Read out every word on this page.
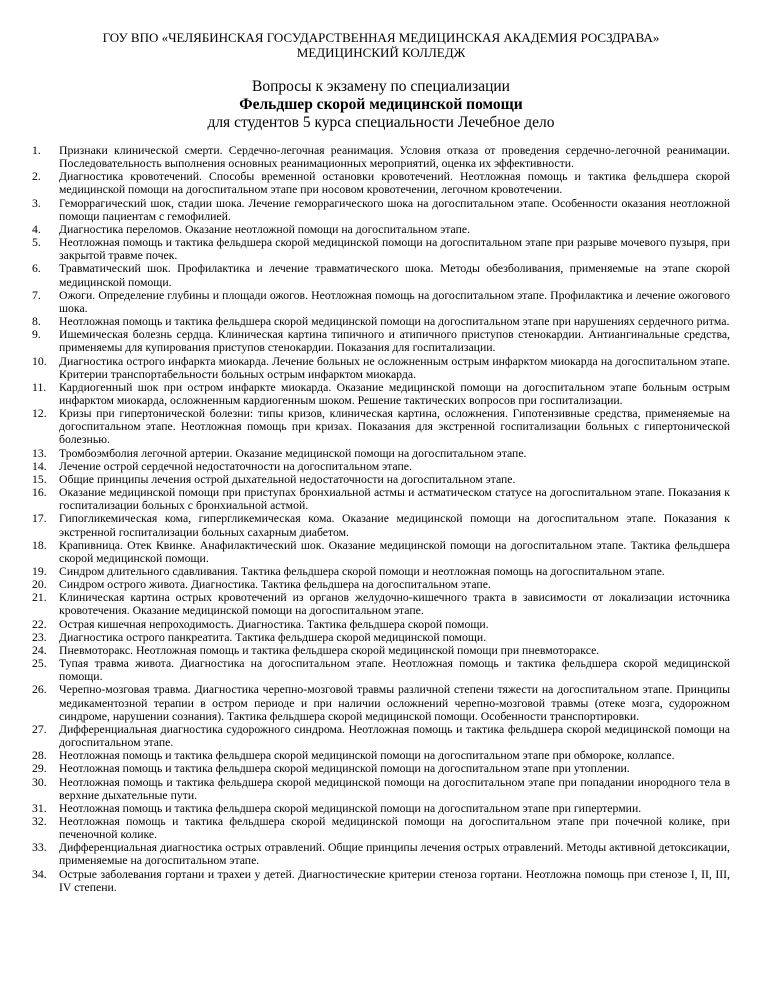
ГОУ ВПО «ЧЕЛЯБИНСКАЯ ГОСУДАРСТВЕННАЯ МЕДИЦИНСКАЯ АКАДЕМИЯ РОСЗДРАВА»
МЕДИЦИНСКИЙ КОЛЛЕДЖ
Вопросы к экзамену по специализации
Фельдшер скорой медицинской помощи
для студентов 5 курса специальности Лечебное дело
1.	Признаки клинической смерти. Сердечно-легочная реанимация. Условия отказа от проведения сердечно-легочной реанимации. Последовательность выполнения основных реанимационных мероприятий, оценка их эффективности.
2.	Диагностика кровотечений. Способы временной остановки кровотечений. Неотложная помощь и тактика фельдшера скорой медицинской помощи на догоспитальном этапе при носовом кровотечении, легочном кровотечении.
3.	Геморрагический шок, стадии шока. Лечение геморрагического шока на догоспитальном этапе. Особенности оказания неотложной помощи пациентам с гемофилией.
4.	Диагностика переломов. Оказание неотложной помощи на догоспитальном этапе.
5.	Неотложная помощь и тактика фельдшера скорой медицинской помощи на догоспитальном этапе при разрыве мочевого пузыря, при закрытой травме почек.
6.	Травматический шок. Профилактика и лечение травматического шока. Методы обезболивания, применяемые на этапе скорой медицинской помощи.
7.	Ожоги. Определение глубины и площади ожогов. Неотложная помощь на догоспитальном этапе. Профилактика и лечение ожогового шока.
8.	Неотложная помощь и тактика фельдшера скорой медицинской помощи на догоспитальном этапе при нарушениях сердечного ритма.
9.	Ишемическая болезнь сердца. Клиническая картина типичного и атипичного приступов стенокардии. Антиангинальные средства, применяемы для купирования приступов стенокардии. Показания для госпитализации.
10.	Диагностика острого инфаркта миокарда. Лечение больных не осложненным острым инфарктом миокарда на догоспитальном этапе. Критерии транспортабельности больных острым инфарктом миокарда.
11.	Кардиогенный шок при остром инфаркте миокарда. Оказание медицинской помощи на догоспитальном этапе больным острым инфарктом миокарда, осложненным кардиогенным шоком. Решение тактических вопросов при госпитализации.
12.	Кризы при гипертонической болезни: типы кризов, клиническая картина, осложнения. Гипотензивные средства, применяемые на догоспитальном этапе. Неотложная помощь при кризах. Показания для экстренной госпитализации больных с гипертонической болезнью.
13.	Тромбоэмболия легочной артерии. Оказание медицинской помощи на догоспитальном этапе.
14.	Лечение острой сердечной недостаточности на догоспитальном этапе.
15.	Общие принципы лечения острой дыхательной недостаточности на догоспитальном этапе.
16.	Оказание медицинской помощи при приступах бронхиальной астмы и астматическом статусе на догоспитальном этапе. Показания к госпитализации больных с бронхиальной астмой.
17.	Гипогликемическая кома, гипергликемическая кома. Оказание медицинской помощи на догоспитальном этапе. Показания к экстренной госпитализации больных сахарным диабетом.
18.	Крапивница. Отек Квинке. Анафилактический шок. Оказание медицинской помощи на догоспитальном этапе. Тактика фельдшера скорой медицинской помощи.
19.	Синдром длительного сдавливания. Тактика фельдшера скорой помощи и неотложная помощь на догоспитальном этапе.
20.	Синдром острого живота. Диагностика. Тактика фельдшера на догоспитальном этапе.
21.	Клиническая картина острых кровотечений из органов желудочно-кишечного тракта в зависимости от локализации источника кровотечения. Оказание медицинской помощи на догоспитальном этапе.
22.	Острая кишечная непроходимость. Диагностика. Тактика фельдшера скорой помощи.
23.	Диагностика острого панкреатита. Тактика фельдшера скорой медицинской помощи.
24.	Пневмоторакс. Неотложная помощь и тактика фельдшера скорой медицинской помощи при пневмотораксе.
25.	Тупая травма живота. Диагностика на догоспитальном этапе. Неотложная помощь и тактика фельдшера скорой медицинской помощи.
26.	Черепно-мозговая травма. Диагностика черепно-мозговой травмы различной степени тяжести на догоспитальном этапе. Принципы медикаментозной терапии в остром периоде и при наличии осложнений черепно-мозговой травмы (отеке мозга, судорожном синдроме, нарушении сознания). Тактика фельдшера скорой медицинской помощи. Особенности транспортировки.
27.	Дифференциальная диагностика судорожного синдрома. Неотложная помощь и тактика фельдшера скорой медицинской помощи на догоспитальном этапе.
28.	Неотложная помощь и тактика фельдшера скорой медицинской помощи на догоспитальном этапе при обмороке, коллапсе.
29.	Неотложная помощь и тактика фельдшера скорой медицинской помощи на догоспитальном этапе при утоплении.
30.	Неотложная помощь и тактика фельдшера скорой медицинской помощи на догоспитальном этапе при попадании инородного тела в верхние дыхательные пути.
31.	Неотложная помощь и тактика фельдшера скорой медицинской помощи на догоспитальном этапе при гипертермии.
32.	Неотложная помощь и тактика фельдшера скорой медицинской помощи на догоспитальном этапе при почечной колике, при печеночной колике.
33.	Дифференциальная диагностика острых отравлений. Общие принципы лечения острых отравлений. Методы активной детоксикации, применяемые на догоспитальном этапе.
34.	Острые заболевания гортани и трахеи у детей. Диагностические критерии стеноза гортани. Неотложна помощь при стенозе I, II, III, IV степени.
